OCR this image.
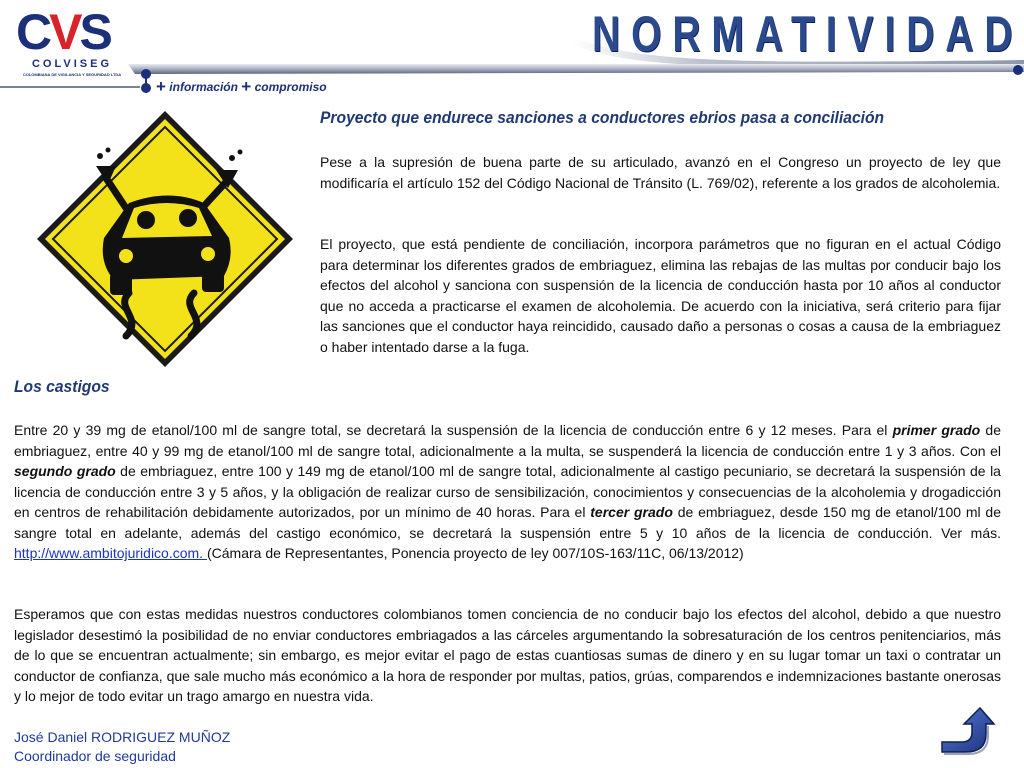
CVS
COLVISEG
COLOMBIANA DE VIGILANCIA Y SEGURIDAD LTDA
NORMATIVIDAD
+ información + compromiso
Proyecto que endurece sanciones a conductores ebrios pasa a conciliación

Pese a la supresión de buena parte de su articulado, avanzó en el Congreso un proyecto de ley que modificaría el artículo 152 del Código Nacional de Tránsito (L. 769/02), referente a los grados de alcoholemia.

El proyecto, que está pendiente de conciliación, incorpora parámetros que no figuran en el actual Código para determinar los diferentes grados de embriaguez, elimina las rebajas de las multas por conducir bajo los efectos del alcohol y sanciona con suspensión de la licencia de conducción hasta por 10 años al conductor que no acceda a practicarse el examen de alcoholemia. De acuerdo con la iniciativa, será criterio para fijar las sanciones que el conductor haya reincidido, causado daño a personas o cosas a causa de la embriaguez o haber intentado darse a la fuga.

Los castigos

Entre 20 y 39 mg de etanol/100 ml de sangre total, se decretará la suspensión de la licencia de conducción entre 6 y 12 meses. Para el primer grado de embriaguez, entre 40 y 99 mg de etanol/100 ml de sangre total, adicionalmente a la multa, se suspenderá la licencia de conducción entre 1 y 3 años. Con el segundo grado de embriaguez, entre 100 y 149 mg de etanol/100 ml de sangre total, adicionalmente al castigo pecuniario, se decretará la suspensión de la licencia de conducción entre 3 y 5 años, y la obligación de realizar curso de sensibilización, conocimientos y consecuencias de la alcoholemia y drogadicción en centros de rehabilitación debidamente autorizados, por un mínimo de 40 horas. Para el tercer grado de embriaguez, desde 150 mg de etanol/100 ml de sangre total en adelante, además del castigo económico, se decretará la suspensión entre 5 y 10 años de la licencia de conducción. Ver más. http://www.ambitojuridico.com. (Cámara de Representantes, Ponencia proyecto de ley 007/10S-163/11C, 06/13/2012)

Esperamos que con estas medidas nuestros conductores colombianos tomen conciencia de no conducir bajo los efectos del alcohol, debido a que nuestro legislador desestimó la posibilidad de no enviar conductores embriagados a las cárceles argumentando la sobresaturación de los centros penitenciarios, más de lo que se encuentran actualmente; sin embargo, es mejor evitar el pago de estas cuantiosas sumas de dinero y en su lugar tomar un taxi o contratar un conductor de confianza, que sale mucho más económico a la hora de responder por multas, patios, grúas, comparendos e indemnizaciones bastante onerosas y lo mejor de todo evitar un trago amargo en nuestra vida.

José Daniel RODRIGUEZ MUÑOZ
Coordinador de seguridad
